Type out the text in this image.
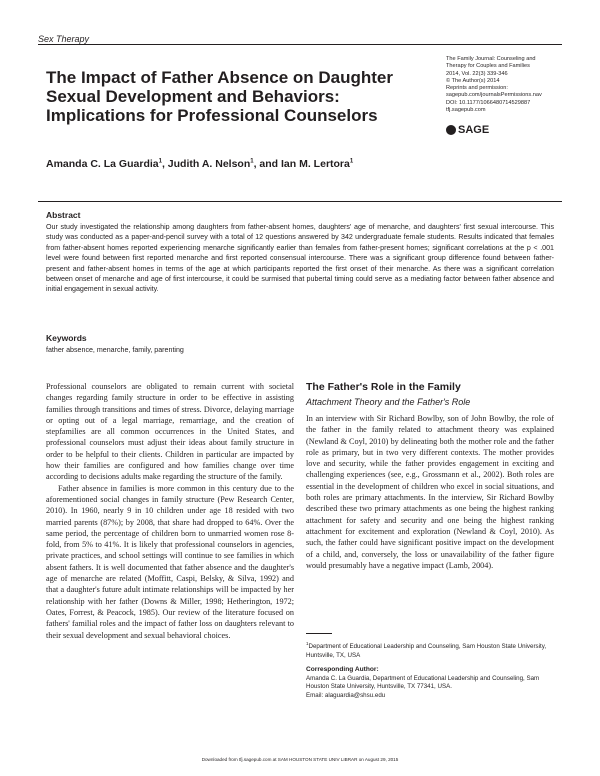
Sex Therapy
The Impact of Father Absence on Daughter Sexual Development and Behaviors: Implications for Professional Counselors
The Family Journal: Counseling and
Therapy for Couples and Families
2014, Vol. 22(3) 339-346
© The Author(s) 2014
Reprints and permission:
sagepub.com/journalsPermissions.nav
DOI: 10.1177/1066480714529887
tfj.sagepub.com
SAGE
Amanda C. La Guardia$^1$, Judith A. Nelson$^1$, and Ian M. Lertora$^1$
Abstract
Our study investigated the relationship among daughters from father-absent homes, daughters' age of menarche, and daughters' first sexual intercourse. This study was conducted as a paper-and-pencil survey with a total of 12 questions answered by 342 undergraduate female students. Results indicated that females from father-absent homes reported experiencing menarche significantly earlier than females from father-present homes; significant correlations at the p < .001 level were found between first reported menarche and first reported consensual intercourse. There was a significant group difference found between father-present and father-absent homes in terms of the age at which participants reported the first onset of their menarche. As there was a significant correlation between onset of menarche and age of first intercourse, it could be surmised that pubertal timing could serve as a mediating factor between father absence and initial engagement in sexual activity.
Keywords
father absence, menarche, family, parenting

Professional counselors are obligated to remain current with societal changes regarding family structure in order to be effective in assisting families through transitions and times of stress. Divorce, delaying marriage or opting out of a legal marriage, remarriage, and the creation of stepfamilies are all common occurrences in the United States, and professional counselors must adjust their ideas about family structure in order to be helpful to their clients. Children in particular are impacted by how their families are configured and how families change over time according to decisions adults make regarding the structure of the family.

Father absence in families is more common in this century due to the aforementioned social changes in family structure (Pew Research Center, 2010). In 1960, nearly 9 in 10 children under age 18 resided with two married parents (87%); by 2008, that share had dropped to 64%. Over the same period, the percentage of children born to unmarried women rose 8-fold, from 5% to 41%. It is likely that professional counselors in agencies, private practices, and school settings will continue to see families in which absent fathers. It is well documented that father absence and the daughter's age of menarche are related (Moffitt, Caspi, Belsky, & Silva, 1992) and that a daughter's future adult intimate relationships will be impacted by her relationship with her father (Downs & Miller, 1998; Hetherington, 1972; Oates, Forrest, & Peacock, 1985). Our review of the literature focused on fathers' familial roles and the impact of father loss on daughters relevant to their sexual development and sexual behavioral choices.

The Father's Role in the Family
Attachment Theory and the Father's Role

In an interview with Sir Richard Bowlby, son of John Bowlby, the role of the father in the family related to attachment theory was explained (Newland & Coyl, 2010) by delineating both the mother role and the father role as primary, but in two very different contexts. The mother provides love and security, while the father provides engagement in exciting and challenging experiences (see, e.g., Grossmann et al., 2002). Both roles are essential in the development of children who excel in social situations, and both roles are primary attachments. In the interview, Sir Richard Bowlby described these two primary attachments as one being the highest ranking attachment for safety and security and one being the highest ranking attachment for excitement and exploration (Newland & Coyl, 2010). As such, the father could have significant positive impact on the development of a child, and, conversely, the loss or unavailability of the father figure would presumably have a negative impact (Lamb, 2004).

$^1$Department of Educational Leadership and Counseling, Sam Houston State University, Huntsville, TX, USA
Corresponding Author:
Amanda C. La Guardia, Department of Educational Leadership and Counseling, Sam Houston State University, Huntsville, TX 77341, USA.
Email: alaguardia@shsu.edu
Downloaded from tfj.sagepub.com at SAM HOUSTON STATE UNIV LIBRAR on August 29, 2015
